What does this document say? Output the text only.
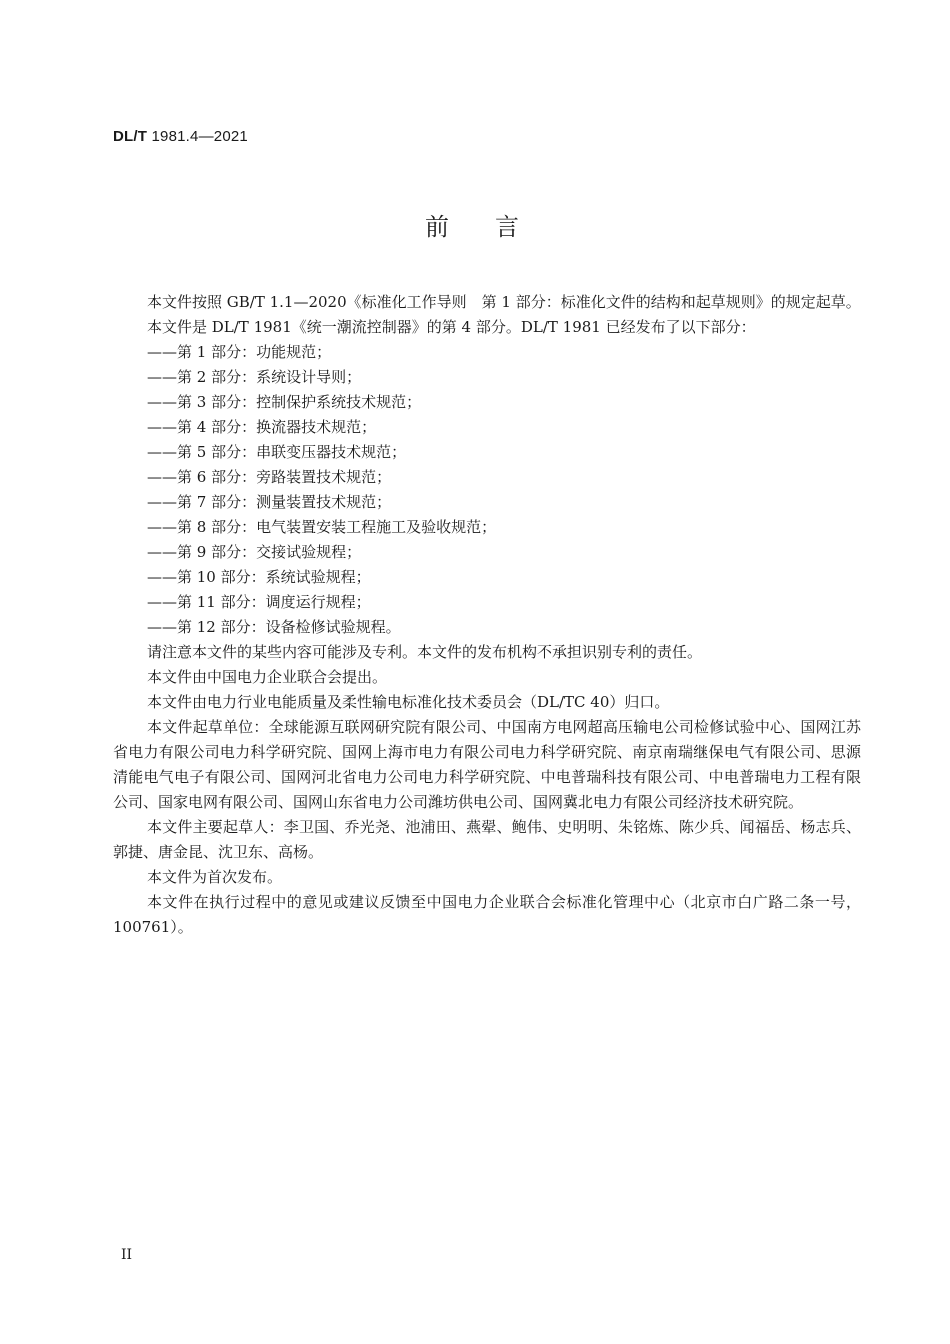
DL/T 1981.4—2021
前言

本文件按照 GB/T 1.1—2020《标准化工作导则　第 1 部分：标准化文件的结构和起草规则》的规定起草。

本文件是 DL/T 1981《统一潮流控制器》的第 4 部分。DL/T 1981 已经发布了以下部分：

——第 1 部分：功能规范；

——第 2 部分：系统设计导则；

——第 3 部分：控制保护系统技术规范；

——第 4 部分：换流器技术规范；

——第 5 部分：串联变压器技术规范；

——第 6 部分：旁路装置技术规范；

——第 7 部分：测量装置技术规范；

——第 8 部分：电气装置安装工程施工及验收规范；

——第 9 部分：交接试验规程；

——第 10 部分：系统试验规程；

——第 11 部分：调度运行规程；

——第 12 部分：设备检修试验规程。

请注意本文件的某些内容可能涉及专利。本文件的发布机构不承担识别专利的责任。

本文件由中国电力企业联合会提出。

本文件由电力行业电能质量及柔性输电标准化技术委员会（DL/TC 40）归口。

本文件起草单位：全球能源互联网研究院有限公司、中国南方电网超高压输电公司检修试验中心、国网江苏省电力有限公司电力科学研究院、国网上海市电力有限公司电力科学研究院、南京南瑞继保电气有限公司、思源清能电气电子有限公司、国网河北省电力公司电力科学研究院、中电普瑞科技有限公司、中电普瑞电力工程有限公司、国家电网有限公司、国网山东省电力公司潍坊供电公司、国网冀北电力有限公司经济技术研究院。

本文件主要起草人：李卫国、乔光尧、池浦田、燕翚、鲍伟、史明明、朱铭炼、陈少兵、闻福岳、杨志兵、郭捷、唐金昆、沈卫东、高杨。

本文件为首次发布。

本文件在执行过程中的意见或建议反馈至中国电力企业联合会标准化管理中心（北京市白广路二条一号，100761）。

II
